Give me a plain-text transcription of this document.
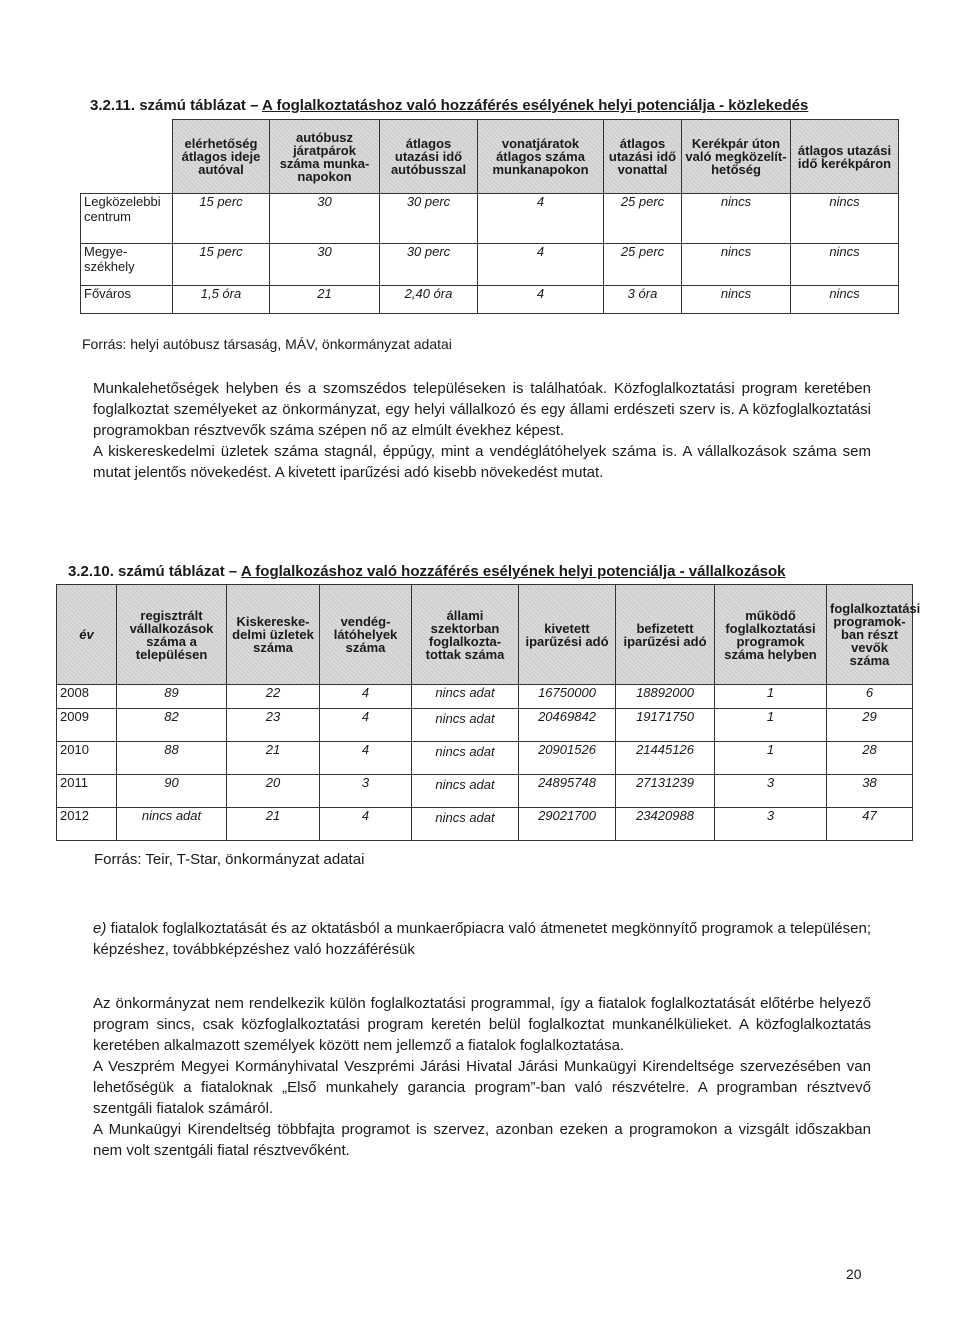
3.2.11. számú táblázat – A foglalkoztatáshoz való hozzáférés esélyének helyi potenciálja - közlekedés
	elérhetőség átlagos ideje autóval	autóbusz járatpárok száma munka-napokon	átlagos utazási idő autóbusszal	vonatjáratok átlagos száma munkanapokon	átlagos utazási idő vonattal	Kerékpár úton való megközelít-hetőség	átlagos utazási idő kerékpáron
Legközelebbi centrum	15 perc	30	30 perc	4	25 perc	nincs	nincs
Megye-székhely	15 perc	30	30 perc	4	25 perc	nincs	nincs
Főváros	1,5 óra	21	2,40 óra	4	3 óra	nincs	nincs
Forrás: helyi autóbusz társaság, MÁV, önkormányzat adatai

Munkalehetőségek helyben és a szomszédos településeken is találhatóak. Közfoglalkoztatási program keretében foglalkoztat személyeket az önkormányzat, egy helyi vállalkozó és egy állami erdészeti szerv is. A közfoglalkoztatási programokban résztvevők száma szépen nő az elmúlt évekhez képest.

A kiskereskedelmi üzletek száma stagnál, éppúgy, mint a vendéglátóhelyek száma is. A vállalkozások száma sem mutat jelentős növekedést. A kivetett iparűzési adó kisebb növekedést mutat.

3.2.10. számú táblázat – A foglalkozáshoz való hozzáférés esélyének helyi potenciálja - vállalkozások
év	regisztrált vállalkozások száma a településen	Kiskereske-delmi üzletek száma	vendég-látóhelyek száma	állami szektorban foglalkozta-tottak száma	kivetett iparűzési adó	befizetett iparűzési adó	működő foglalkoztatási programok száma helyben	foglalkoztatási programok-ban részt vevők száma
2008	89	22	4	nincs adat	16750000	18892000	1	6
2009	82	23	4	nincs adat	20469842	19171750	1	29
2010	88	21	4	nincs adat	20901526	21445126	1	28
2011	90	20	3	nincs adat	24895748	27131239	3	38
2012	nincs adat	21	4	nincs adat	29021700	23420988	3	47
Forrás: Teir, T-Star, önkormányzat adatai

e) fiatalok foglalkoztatását és az oktatásból a munkaerőpiacra való átmenetet megkönnyítő programok a településen; képzéshez, továbbképzéshez való hozzáférésük

Az önkormányzat nem rendelkezik külön foglalkoztatási programmal, így a fiatalok foglalkoztatását előtérbe helyező program sincs, csak közfoglalkoztatási program keretén belül foglalkoztat munkanélkülieket. A közfoglalkoztatás keretében alkalmazott személyek között nem jellemző a fiatalok foglalkoztatása.

A Veszprém Megyei Kormányhivatal Veszprémi Járási Hivatal Járási Munkaügyi Kirendeltsége szervezésében van lehetőségük a fiataloknak „Első munkahely garancia program”-ban való részvételre. A programban résztvevő szentgáli fiatalok számáról.

A Munkaügyi Kirendeltség többfajta programot is szervez, azonban ezeken a programokon a vizsgált időszakban nem volt szentgáli fiatal résztvevőként.

20
